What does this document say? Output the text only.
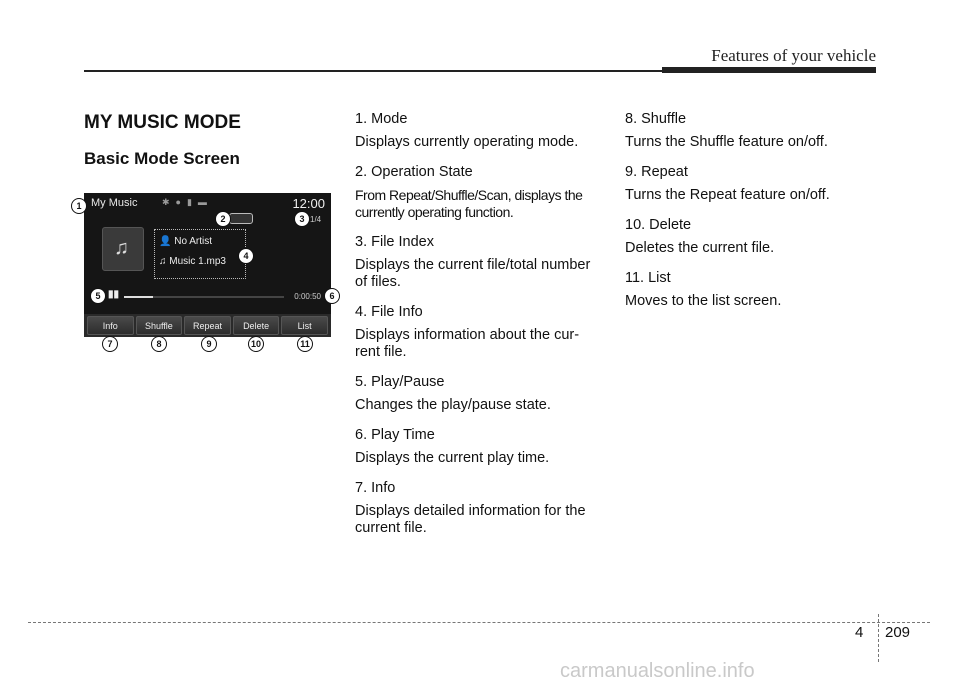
Features of your vehicle
MY MUSIC MODE
Basic Mode Screen
My Music	✱●▮▬	12:00
1/4
♫	👤 No Artist
♫ Music 1.mp3
▮▮	0:00:50
Info	Shuffle	Repeat	Delete	List
1
2	3
4
5	6
7	8	9	10	11
1. Mode
Displays currently operating mode.
2. Operation State
From Repeat/Shuffle/Scan, displays the currently operating function.
3. File Index
Displays the current file/total number of files.
4. File Info
Displays information about the cur- rent file.
5. Play/Pause
Changes the play/pause state.
6. Play Time
Displays the current play time.
7. Info
Displays detailed information for the current file.
8. Shuffle
Turns the Shuffle feature on/off.
9. Repeat
Turns the Repeat feature on/off.
10. Delete
Deletes the current file.
11. List
Moves to the list screen.
4 209
carmanualsonline.info
